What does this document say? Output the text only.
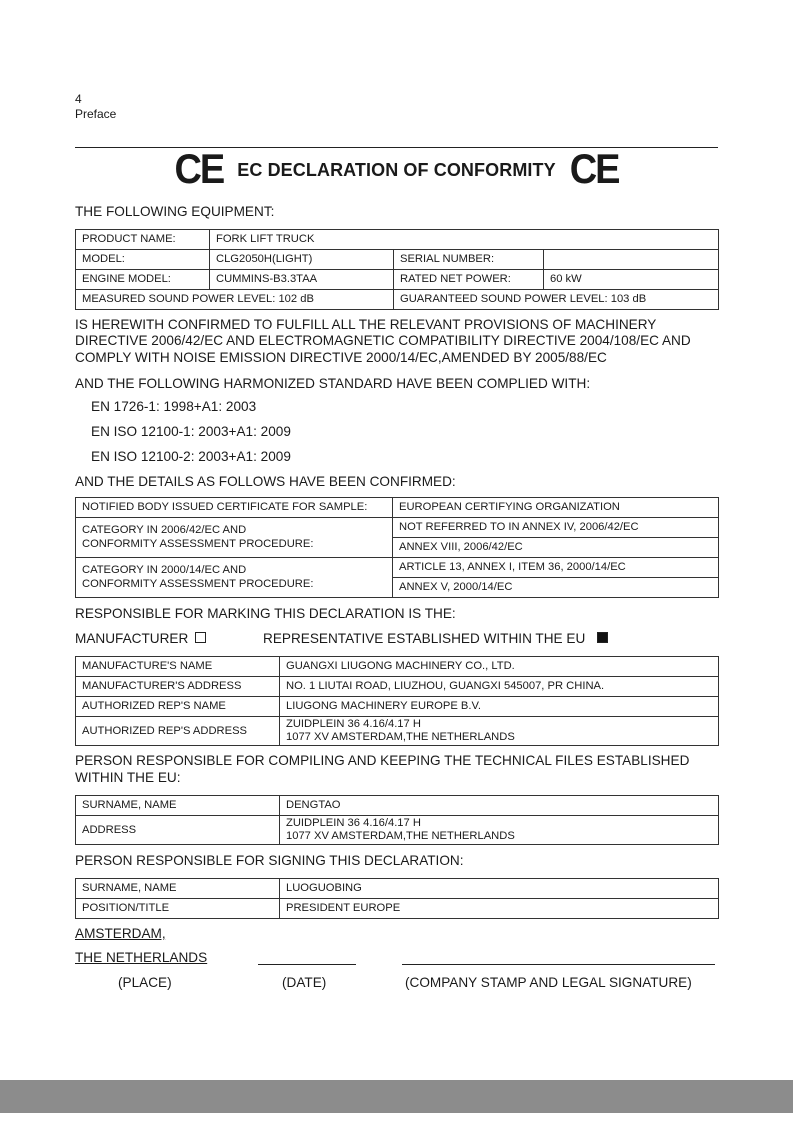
4
Preface
CE EC DECLARATION OF CONFORMITY CE
THE FOLLOWING EQUIPMENT:
PRODUCT NAME:	FORK LIFT TRUCK		
MODEL:	CLG2050H(LIGHT)	SERIAL NUMBER:	
ENGINE MODEL:	CUMMINS-B3.3TAA	RATED NET POWER:	60 kW
MEASURED SOUND POWER LEVEL: 102 dB		GUARANTEED SOUND POWER LEVEL: 103 dB	
IS HEREWITH CONFIRMED TO FULFILL ALL THE RELEVANT PROVISIONS OF MACHINERY
DIRECTIVE 2006/42/EC AND ELECTROMAGNETIC COMPATIBILITY DIRECTIVE 2004/108/EC AND
COMPLY WITH NOISE EMISSION DIRECTIVE 2000/14/EC,AMENDED BY 2005/88/EC
AND THE FOLLOWING HARMONIZED STANDARD HAVE BEEN COMPLIED WITH:
EN 1726-1: 1998+A1: 2003
EN ISO 12100-1: 2003+A1: 2009
EN ISO 12100-2: 2003+A1: 2009
AND THE DETAILS AS FOLLOWS HAVE BEEN CONFIRMED:
NOTIFIED BODY ISSUED CERTIFICATE FOR SAMPLE:	EUROPEAN CERTIFYING ORGANIZATION

CATEGORY IN 2006/42/EC AND
CONFORMITY ASSESSMENT PROCEDURE:	NOT REFERRED TO IN ANNEX IV, 2006/42/EC
	ANNEX VIII, 2006/42/EC

CATEGORY IN 2000/14/EC AND
CONFORMITY ASSESSMENT PROCEDURE:	ARTICLE 13, ANNEX I, ITEM 36, 2000/14/EC
	ANNEX V, 2000/14/EC
RESPONSIBLE FOR MARKING THIS DECLARATION IS THE:
MANUFACTURER	REPRESENTATIVE ESTABLISHED WITHIN THE EU
MANUFACTURE'S NAME	GUANGXI LIUGONG MACHINERY CO., LTD.
MANUFACTURER'S ADDRESS	NO. 1 LIUTAI ROAD, LIUZHOU, GUANGXI 545007, PR CHINA.
AUTHORIZED REP'S NAME	LIUGONG MACHINERY EUROPE B.V.
AUTHORIZED REP'S ADDRESS	ZUIDPLEIN 36 4.16/4.17 H
1077 XV AMSTERDAM,THE NETHERLANDS
PERSON RESPONSIBLE FOR COMPILING AND KEEPING THE TECHNICAL FILES ESTABLISHED
WITHIN THE EU:
SURNAME, NAME	DENGTAO
ADDRESS	ZUIDPLEIN 36 4.16/4.17 H
1077 XV AMSTERDAM,THE NETHERLANDS
PERSON RESPONSIBLE FOR SIGNING THIS DECLARATION:
SURNAME, NAME	LUOGUOBING
POSITION/TITLE	PRESIDENT EUROPE
AMSTERDAM,
THE NETHERLANDS
(PLACE)	(DATE)	(COMPANY STAMP AND LEGAL SIGNATURE)
